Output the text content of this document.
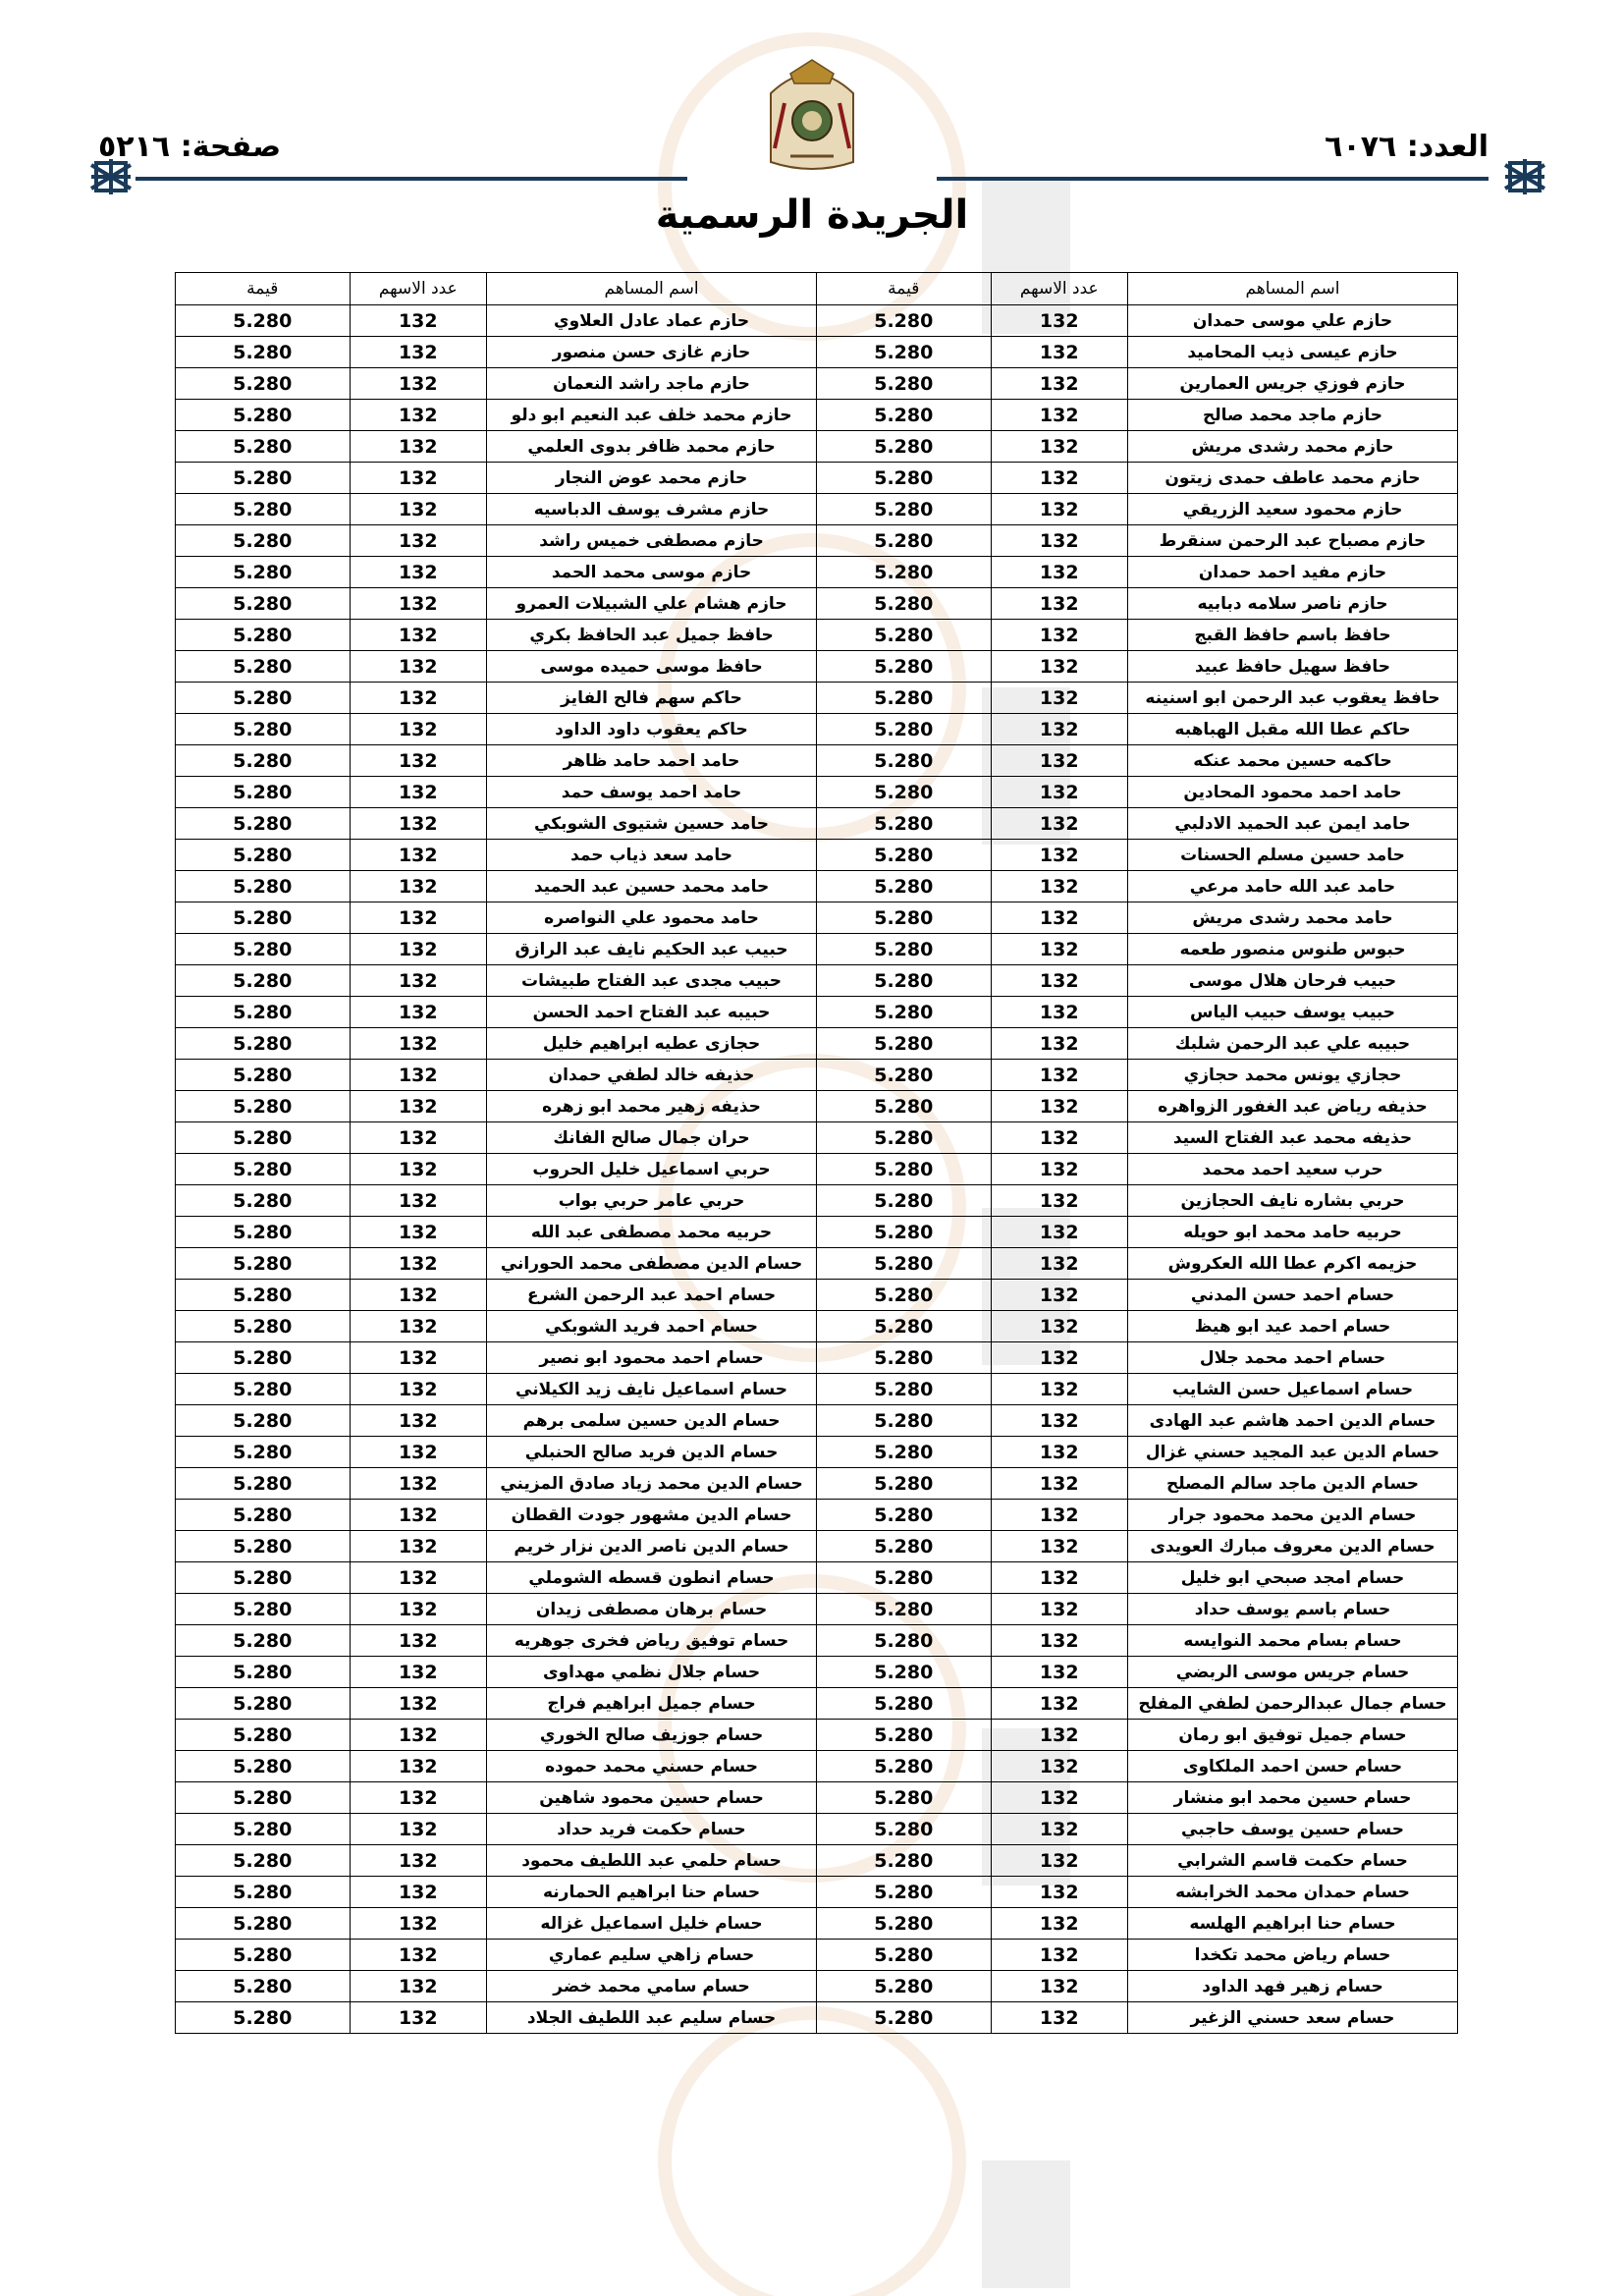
العدد: ٦٠٧٦
صفحة: ٥٢١٦
الجريدة الرسمية
اسم المساهم	عدد الاسهم	قيمة	اسم المساهم	عدد الاسهم	قيمة
حازم علي موسى حمدان	132	5.280	حازم عماد عادل العلاوي	132	5.280
حازم عيسى ذيب المحاميد	132	5.280	حازم غازى حسن منصور	132	5.280
حازم فوزي جريس العمارين	132	5.280	حازم ماجد راشد النعمان	132	5.280
حازم ماجد محمد صالح	132	5.280	حازم محمد خلف عبد النعيم ابو دلو	132	5.280
حازم محمد رشدى مريش	132	5.280	حازم محمد ظافر بدوى العلمي	132	5.280
حازم محمد عاطف حمدى زيتون	132	5.280	حازم محمد عوض النجار	132	5.280
حازم محمود سعيد الزريقي	132	5.280	حازم مشرف يوسف الدباسيه	132	5.280
حازم مصباح عبد الرحمن سنقرط	132	5.280	حازم مصطفى خميس راشد	132	5.280
حازم مفيد احمد حمدان	132	5.280	حازم موسى محمد الحمد	132	5.280
حازم ناصر سلامه دبابيه	132	5.280	حازم هشام علي الشبيلات العمرو	132	5.280
حافظ باسم حافظ القبج	132	5.280	حافظ جميل عبد الحافظ بكري	132	5.280
حافظ سهيل حافظ عبيد	132	5.280	حافظ موسى حميده موسى	132	5.280
حافظ يعقوب عبد الرحمن ابو اسنينه	132	5.280	حاكم سهم فالح الفايز	132	5.280
حاكم عطا الله مقبل الهباهبه	132	5.280	حاكم يعقوب داود الداود	132	5.280
حاكمه حسين محمد عنكه	132	5.280	حامد احمد حامد ظاهر	132	5.280
حامد احمد محمود المحادين	132	5.280	حامد احمد يوسف حمد	132	5.280
حامد ايمن عبد الحميد الادلبي	132	5.280	حامد حسين شتيوى الشوبكي	132	5.280
حامد حسين مسلم الحسنات	132	5.280	حامد سعد ذياب حمد	132	5.280
حامد عبد الله حامد مرعي	132	5.280	حامد محمد حسين عبد الحميد	132	5.280
حامد محمد رشدى مريش	132	5.280	حامد محمود علي النواصره	132	5.280
حبوس طنوس منصور طعمه	132	5.280	حبيب عبد الحكيم نايف عبد الرازق	132	5.280
حبيب فرحان هلال موسى	132	5.280	حبيب مجدى عبد الفتاح طبيشات	132	5.280
حبيب يوسف حبيب الياس	132	5.280	حبيبه عبد الفتاح احمد الحسن	132	5.280
حبيبه علي عبد الرحمن شلبك	132	5.280	حجازى عطيه ابراهيم خليل	132	5.280
حجازي يونس محمد حجازي	132	5.280	حذيفه خالد لطفي حمدان	132	5.280
حذيفه رياض عبد الغفور الزواهره	132	5.280	حذيفه زهير محمد ابو زهره	132	5.280
حذيفه محمد عبد الفتاح السيد	132	5.280	حران جمال صالح الفانك	132	5.280
حرب سعيد احمد محمد	132	5.280	حربي اسماعيل خليل الحروب	132	5.280
حربي بشاره نايف الحجازين	132	5.280	حربي عامر حربي بواب	132	5.280
حربيه حامد محمد ابو حويله	132	5.280	حربيه محمد مصطفى عبد الله	132	5.280
حزيمه اكرم عطا الله العكروش	132	5.280	حسام الدين مصطفى محمد الحوراني	132	5.280
حسام احمد حسن المدني	132	5.280	حسام احمد عبد الرحمن الشرع	132	5.280
حسام احمد عيد ابو هيظ	132	5.280	حسام احمد فريد الشوبكي	132	5.280
حسام احمد محمد جلال	132	5.280	حسام احمد محمود ابو نصير	132	5.280
حسام اسماعيل حسن الشايب	132	5.280	حسام اسماعيل نايف زيد الكيلاني	132	5.280
حسام الدين احمد هاشم عبد الهادى	132	5.280	حسام الدين حسين سلمى برهم	132	5.280
حسام الدين عبد المجيد حسني غزال	132	5.280	حسام الدين فريد صالح الحنبلي	132	5.280
حسام الدين ماجد سالم المصلح	132	5.280	حسام الدين محمد زياد صادق المزيني	132	5.280
حسام الدين محمد محمود جرار	132	5.280	حسام الدين مشهور جودت القطان	132	5.280
حسام الدين معروف مبارك العويدى	132	5.280	حسام الدين ناصر الدين نزار خريم	132	5.280
حسام امجد صبحي ابو خليل	132	5.280	حسام انطون قسطه الشوملي	132	5.280
حسام باسم يوسف حداد	132	5.280	حسام برهان مصطفى زيدان	132	5.280
حسام بسام محمد النوايسه	132	5.280	حسام توفيق رياض فخرى جوهريه	132	5.280
حسام جريس موسى الربضي	132	5.280	حسام جلال نظمي مهداوى	132	5.280
حسام جمال عبدالرحمن لطفي المفلح	132	5.280	حسام جميل ابراهيم فراج	132	5.280
حسام جميل توفيق ابو رمان	132	5.280	حسام جوزيف صالح الخوري	132	5.280
حسام حسن احمد الملكاوى	132	5.280	حسام حسني محمد حموده	132	5.280
حسام حسين محمد ابو منشار	132	5.280	حسام حسين محمود شاهين	132	5.280
حسام حسين يوسف حاجبي	132	5.280	حسام حكمت فريد حداد	132	5.280
حسام حكمت قاسم الشرابي	132	5.280	حسام حلمي عبد اللطيف محمود	132	5.280
حسام حمدان محمد الخرابشه	132	5.280	حسام حنا ابراهيم الحمارنه	132	5.280
حسام حنا ابراهيم الهلسه	132	5.280	حسام خليل اسماعيل غزاله	132	5.280
حسام رياض محمد تكخدا	132	5.280	حسام زاهي سليم عماري	132	5.280
حسام زهير فهد الداود	132	5.280	حسام سامي محمد خضر	132	5.280
حسام سعد حسني الزغير	132	5.280	حسام سليم عبد اللطيف الجلاد	132	5.280
